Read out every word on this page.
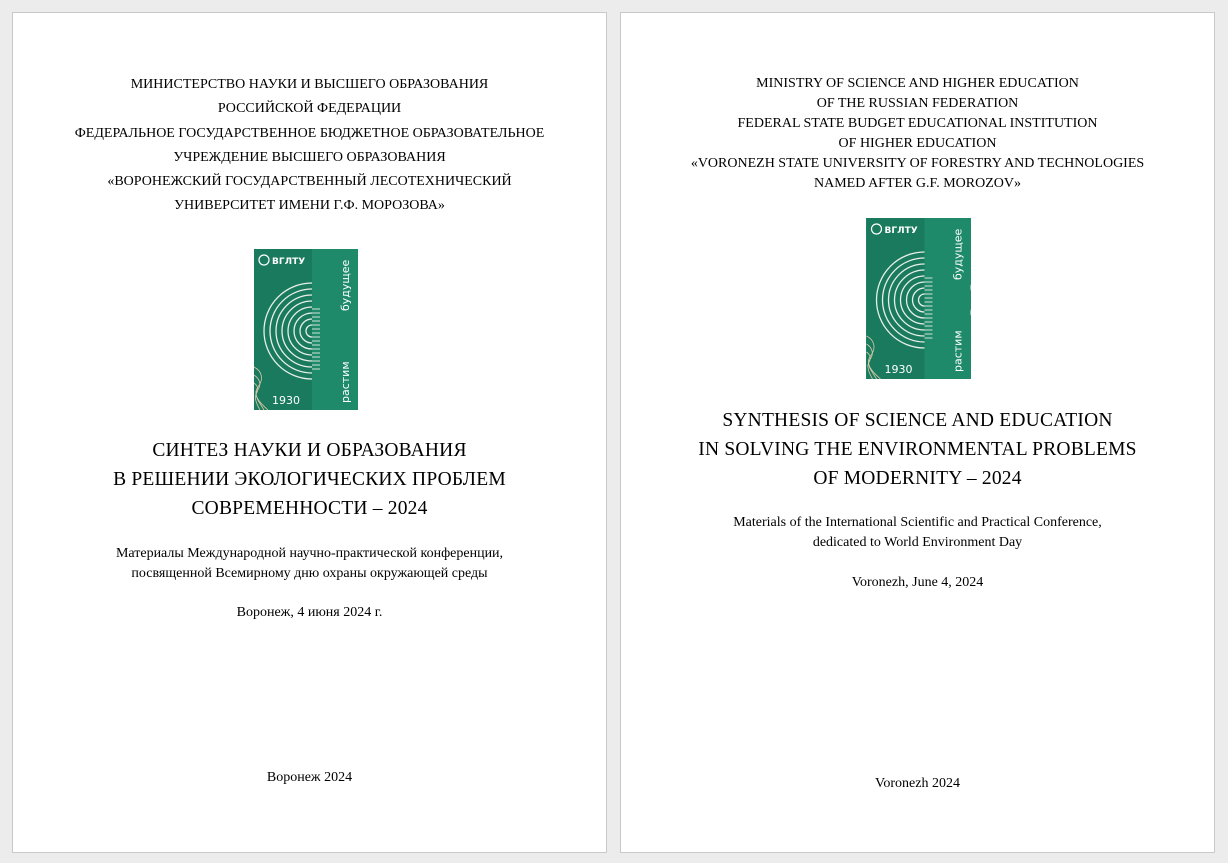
МИНИСТЕРСТВО НАУКИ И ВЫСШЕГО ОБРАЗОВАНИЯ
РОССИЙСКОЙ ФЕДЕРАЦИИ
ФЕДЕРАЛЬНОЕ ГОСУДАРСТВЕННОЕ БЮДЖЕТНОЕ ОБРАЗОВАТЕЛЬНОЕ
УЧРЕЖДЕНИЕ ВЫСШЕГО ОБРАЗОВАНИЯ
«ВОРОНЕЖСКИЙ ГОСУДАРСТВЕННЫЙ ЛЕСОТЕХНИЧЕСКИЙ
УНИВЕРСИТЕТ ИМЕНИ Г.Ф. МОРОЗОВА»
ВГЛТУ
1930
будущее
растим
СИНТЕЗ НАУКИ И ОБРАЗОВАНИЯ
В РЕШЕНИИ ЭКОЛОГИЧЕСКИХ ПРОБЛЕМ
СОВРЕМЕННОСТИ – 2024
Материалы Международной научно-практической конференции,
посвященной Всемирному дню охраны окружающей среды
Воронеж, 4 июня 2024 г.
Воронеж 2024
MINISTRY OF SCIENCE AND HIGHER EDUCATION
OF THE RUSSIAN FEDERATION
FEDERAL STATE BUDGET EDUCATIONAL INSTITUTION
OF HIGHER EDUCATION
«VORONEZH STATE UNIVERSITY OF FORESTRY AND TECHNOLOGIES
NAMED AFTER G.F. MOROZOV»
ВГЛТУ
1930
будущее
растим
SYNTHESIS OF SCIENCE AND EDUCATION
IN SOLVING THE ENVIRONMENTAL PROBLEMS
OF MODERNITY – 2024
Materials of the International Scientific and Practical Conference,
dedicated to World Environment Day
Voronezh, June 4, 2024
Voronezh 2024
